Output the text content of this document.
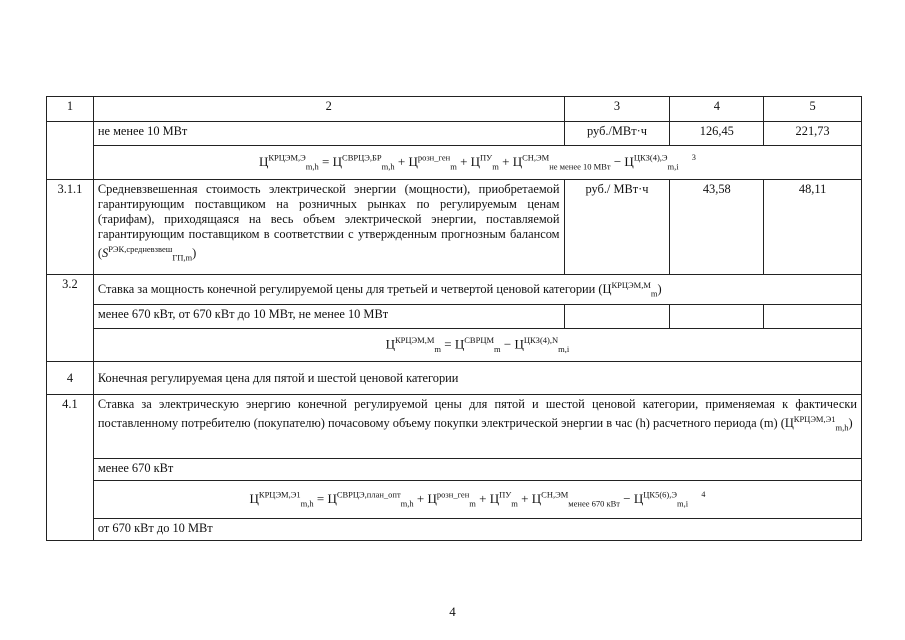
1	2	3	4	5
	не менее 10 МВт	руб./МВт·ч	126,45	221,73
	$Ц^{КРЦЭМ,Э}_{m,h} = Ц^{СВРЦЭ,БР}_{m,h} + Ц^{розн\_ген}_m + Ц^{ПУ}_m + Ц^{СН,ЭМ}_{не менее 10 МВт} - Ц^{ЦКЗ(4),Э}_{m,i}$ $^3$
3.1.1	Средневзвешенная стоимость электрической энергии (мощности), приобретаемой гарантирующим поставщиком на розничных рынках по регулируемым ценам (тарифам), приходящаяся на весь объем электрической энергии, поставляемой гарантирующим поставщиком в соответствии с утвержденным прогнозным балансом $(S^{РЭК,средневзвеш}_{ГП,m})$	руб./ МВт·ч	43,58	48,11
3.2	Ставка за мощность конечной регулируемой цены для третьей и четвертой ценовой категории $(Ц^{КРЦЭМ,М}_m)$			
	менее 670 кВт, от 670 кВт до 10 МВт, не менее 10 МВт			
	$Ц^{КРЦЭМ,М}_m = Ц^{СВРЦМ}_m - Ц^{ЦКЗ(4),N}_{m,i}$
4	Конечная регулируемая цена для пятой и шестой ценовой категории			
4.1	Ставка за электрическую энергию конечной регулируемой цены для пятой и шестой ценовой категории, применяемая к фактически поставленному потребителю (покупателю) почасовому объему покупки электрической энергии в час (h) расчетного периода (m) $(Ц^{КРЦЭМ,Э1}_{m,h})$			
	менее 670 кВт			
	$Ц^{КРЦЭМ,Э1}_{m,h} = Ц^{СВРЦЭ,план\_опт}_{m,h} + Ц^{розн\_ген}_m + Ц^{ПУ}_m + Ц^{СН,ЭМ}_{менее 670 кВт} - Ц^{ЦК5(6),Э}_{m,i}$ $^4$
	от 670 кВт до 10 МВт			
4
